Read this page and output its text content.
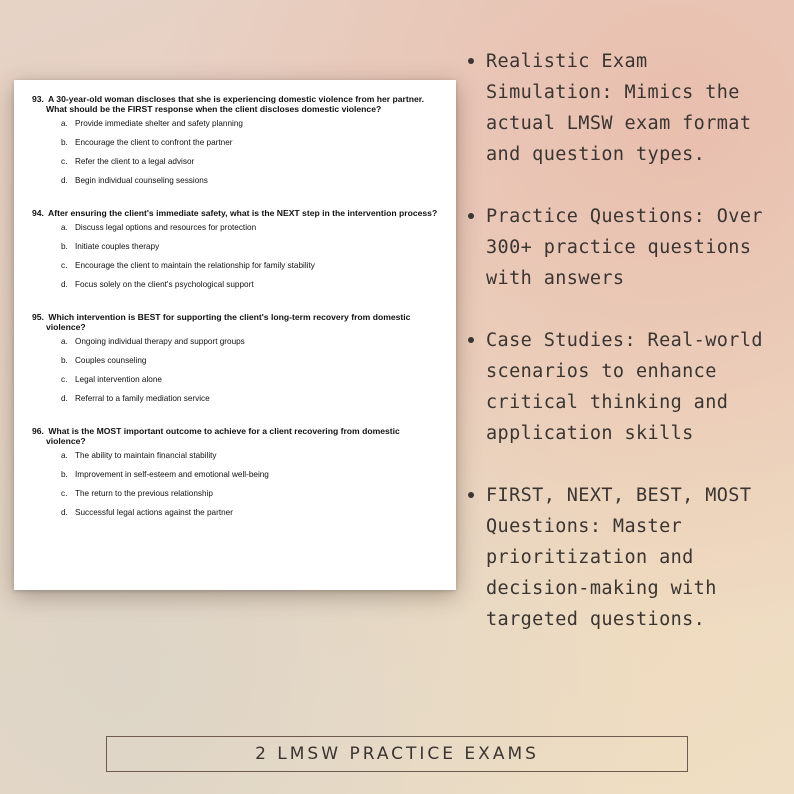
93. A 30-year-old woman discloses that she is experiencing domestic violence from her partner.
What should be the FIRST response when the client discloses domestic violence?
a. Provide immediate shelter and safety planning
b. Encourage the client to confront the partner
c. Refer the client to a legal advisor
d. Begin individual counseling sessions
94. After ensuring the client's immediate safety, what is the NEXT step in the intervention process?
a. Discuss legal options and resources for protection
b. Initiate couples therapy
c. Encourage the client to maintain the relationship for family stability
d. Focus solely on the client's psychological support
95. Which intervention is BEST for supporting the client's long-term recovery from domestic violence?
a. Ongoing individual therapy and support groups
b. Couples counseling
c. Legal intervention alone
d. Referral to a family mediation service
96. What is the MOST important outcome to achieve for a client recovering from domestic violence?
a. The ability to maintain financial stability
b. Improvement in self-esteem and emotional well-being
c. The return to the previous relationship
d. Successful legal actions against the partner
Realistic Exam Simulation: Mimics the actual LMSW exam format and question types.
Practice Questions: Over 300+ practice questions with answers
Case Studies: Real-world scenarios to enhance critical thinking and application skills
FIRST, NEXT, BEST, MOST Questions: Master prioritization and decision-making with targeted questions.
2 LMSW PRACTICE EXAMS
